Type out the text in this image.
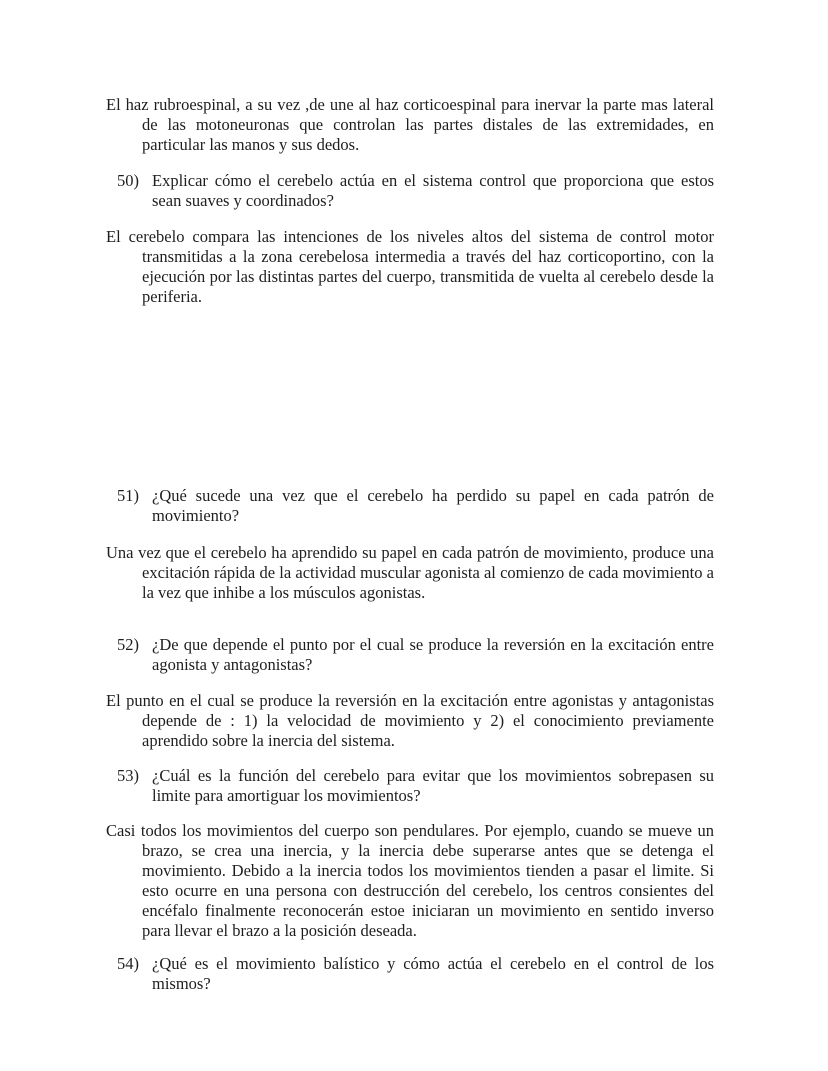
El haz rubroespinal, a su vez ,de une al haz corticoespinal para inervar la parte mas lateral de las motoneuronas que controlan las partes distales de las extremidades, en particular las manos y sus dedos.

50) Explicar cómo el cerebelo actúa en el sistema control que proporciona que estos sean suaves y coordinados?

El cerebelo compara las intenciones de los niveles altos del sistema de control motor transmitidas a la zona cerebelosa intermedia a través del haz corticoportino, con la ejecución por las distintas partes del cuerpo, transmitida de vuelta al cerebelo desde la periferia.

51) ¿Qué sucede una vez que el cerebelo ha perdido su papel en cada patrón de movimiento?

Una vez que el cerebelo ha aprendido su papel en cada patrón de movimiento, produce una excitación rápida de la actividad muscular agonista al comienzo de cada movimiento a la vez que inhibe a los músculos agonistas.

52) ¿De que depende el punto por el cual se produce la reversión en la excitación entre agonista y antagonistas?

El punto en el cual se produce la reversión en la excitación entre agonistas y antagonistas depende de : 1) la velocidad de movimiento y 2) el conocimiento previamente aprendido sobre la inercia del sistema.

53) ¿Cuál es la función del cerebelo para evitar que los movimientos sobrepasen su limite para amortiguar los movimientos?

Casi todos los movimientos del cuerpo son pendulares. Por ejemplo, cuando se mueve un brazo, se crea una inercia, y la inercia debe superarse antes que se detenga el movimiento. Debido a la inercia todos los movimientos tienden a pasar el limite. Si esto ocurre en una persona con destrucción del cerebelo, los centros consientes del encéfalo finalmente reconocerán estoe iniciaran un movimiento en sentido inverso para llevar el brazo a la posición deseada.

54) ¿Qué es el movimiento balístico y cómo actúa el cerebelo en el control de los mismos?
